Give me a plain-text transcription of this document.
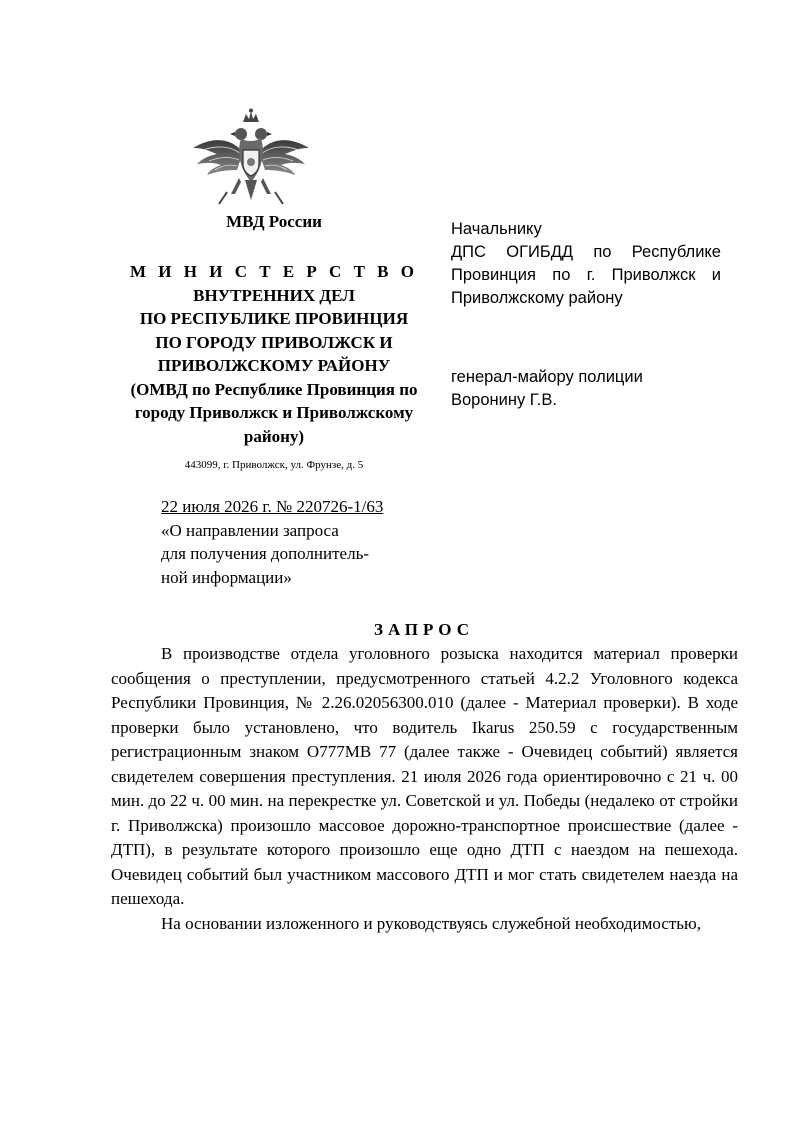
МВД России
М И Н И С Т Е Р С Т В О
ВНУТРЕННИХ ДЕЛ
ПО РЕСПУБЛИКЕ ПРОВИНЦИЯ
ПО ГОРОДУ ПРИВОЛЖСК И
ПРИВОЛЖСКОМУ РАЙОНУ
(ОМВД по Республике Провинция по
городу Приволжск и Приволжскому
району)
443099, г. Приволжск, ул. Фрунзе, д. 5
22 июля 2026 г. № 220726-1/63
«О направлении запроса
для получения дополнитель-
ной информации»
Начальнику
ДПС ОГИБДД по Республике
Провинция по г. Приволжск и
Приволжскому району
генерал-майору полиции
Воронину Г.В.
ЗАПРОС

В производстве отдела уголовного розыска находится материал проверки сообщения о преступлении, предусмотренного статьей 4.2.2 Уголовного кодекса Республики Провинция, № 2.26.02056300.010 (далее - Материал проверки). В ходе проверки было установлено, что водитель Ikarus 250.59 с государственным регистрационным знаком О777МВ 77 (далее также - Очевидец событий) является свидетелем совершения преступления. 21 июля 2026 года ориентировочно с 21 ч. 00 мин. до 22 ч. 00 мин. на перекрестке ул. Советской и ул. Победы (недалеко от стройки г. Приволжска) произошло массовое дорожно-транспортное происшествие (далее - ДТП), в результате которого произошло еще одно ДТП с наездом на пешехода. Очевидец событий был участником массового ДТП и мог стать свидетелем наезда на пешехода.

На основании изложенного и руководствуясь служебной необходимостью,
